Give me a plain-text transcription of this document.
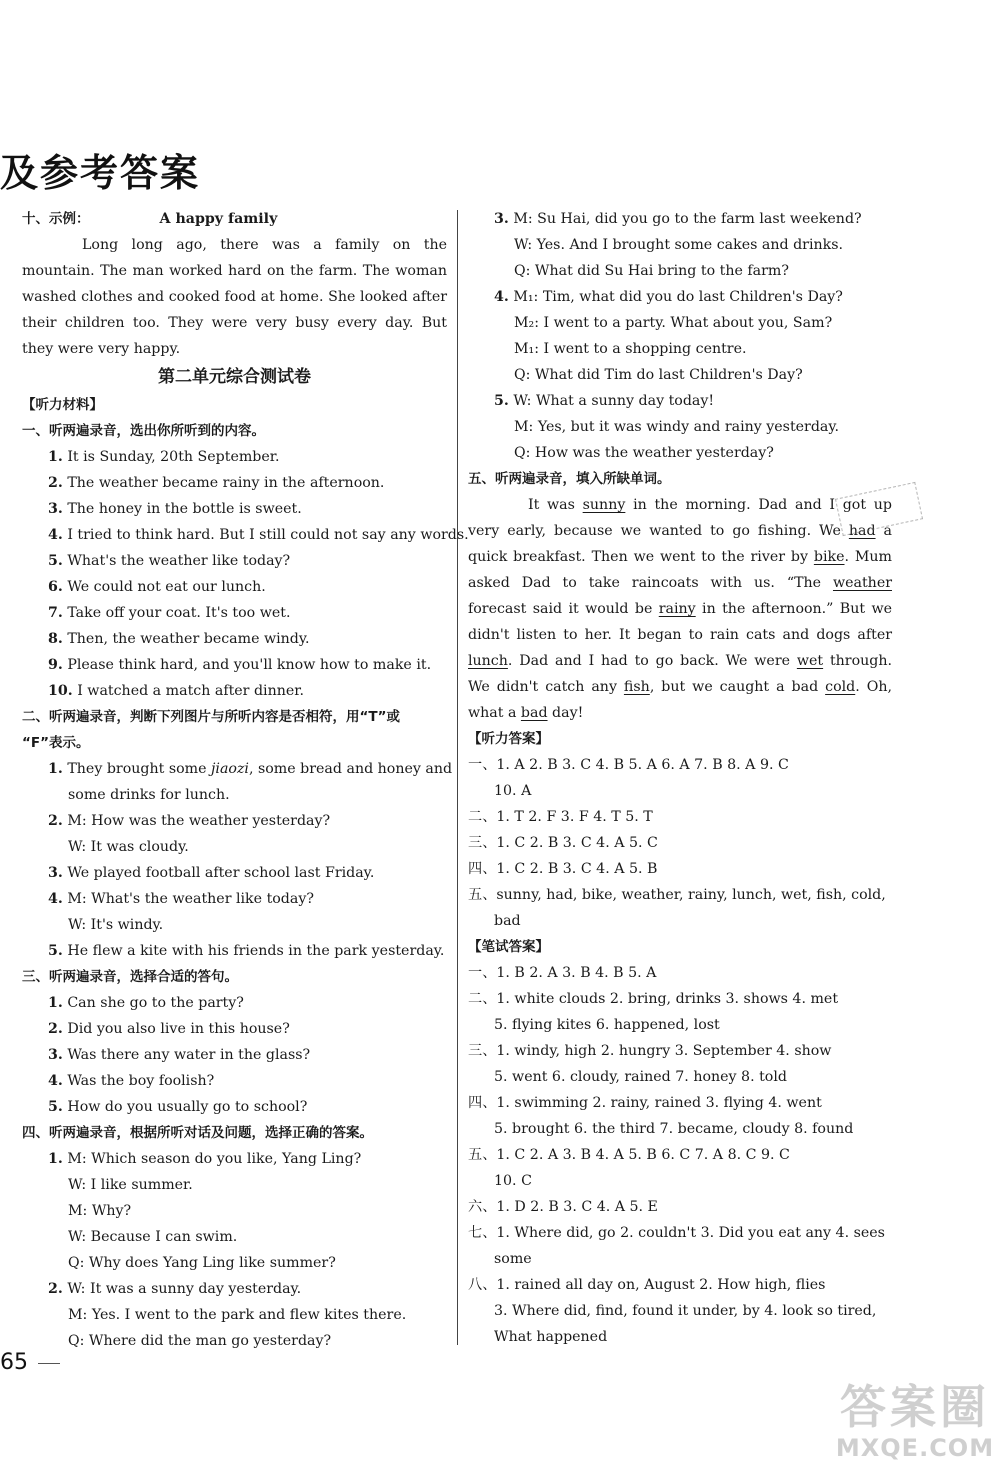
及参考答案
十、示例：	A happy family
Long long ago, there was a family on the mountain. The man worked hard on the farm. The woman washed clothes and cooked food at home. She looked after their children too. They were very busy every day. But they were very happy.
第二单元综合测试卷
【听力材料】
一、听两遍录音，选出你所听到的内容。
1. It is Sunday, 20th September.
2. The weather became rainy in the afternoon.
3. The honey in the bottle is sweet.
4. I tried to think hard. But I still could not say any words.
5. What's the weather like today?
6. We could not eat our lunch.
7. Take off your coat. It's too wet.
8. Then, the weather became windy.
9. Please think hard, and you'll know how to make it.
10. I watched a match after dinner.
二、听两遍录音，判断下列图片与所听内容是否相符，用“T”或
“F”表示。
1. They brought some jiaozi, some bread and honey and
some drinks for lunch.
2. M: How was the weather yesterday?
W: It was cloudy.
3. We played football after school last Friday.
4. M: What's the weather like today?
W: It's windy.
5. He flew a kite with his friends in the park yesterday.
三、听两遍录音，选择合适的答句。
1. Can she go to the party?
2. Did you also live in this house?
3. Was there any water in the glass?
4. Was the boy foolish?
5. How do you usually go to school?
四、听两遍录音，根据所听对话及问题，选择正确的答案。
1. M: Which season do you like, Yang Ling?
W: I like summer.
M: Why?
W: Because I can swim.
Q: Why does Yang Ling like summer?
2. W: It was a sunny day yesterday.
M: Yes. I went to the park and flew kites there.
Q: Where did the man go yesterday?
3. M: Su Hai, did you go to the farm last weekend?
W: Yes. And I brought some cakes and drinks.
Q: What did Su Hai bring to the farm?
4. M₁: Tim, what did you do last Children's Day?
M₂: I went to a party. What about you, Sam?
M₁: I went to a shopping centre.
Q: What did Tim do last Children's Day?
5. W: What a sunny day today!
M: Yes, but it was windy and rainy yesterday.
Q: How was the weather yesterday?
五、听两遍录音，填入所缺单词。
It was sunny in the morning. Dad and I got up very early, because we wanted to go fishing. We had a quick breakfast. Then we went to the river by bike. Mum asked Dad to take raincoats with us. “The weather forecast said it would be rainy in the afternoon.” But we didn't listen to her. It began to rain cats and dogs after lunch. Dad and I had to go back. We were wet through. We didn't catch any fish, but we caught a bad cold. Oh, what a bad day!
【听力答案】
一、1. A 2. B 3. C 4. B 5. A 6. A 7. B 8. A 9. C
10. A
二、1. T 2. F 3. F 4. T 5. T
三、1. C 2. B 3. C 4. A 5. C
四、1. C 2. B 3. C 4. A 5. B
五、sunny, had, bike, weather, rainy, lunch, wet, fish, cold,
bad
【笔试答案】
一、1. B 2. A 3. B 4. B 5. A
二、1. white clouds 2. bring, drinks 3. shows 4. met
5. flying kites 6. happened, lost
三、1. windy, high 2. hungry 3. September 4. show
5. went 6. cloudy, rained 7. honey 8. told
四、1. swimming 2. rainy, rained 3. flying 4. went
5. brought 6. the third 7. became, cloudy 8. found
五、1. C 2. A 3. B 4. A 5. B 6. C 7. A 8. C 9. C
10. C
六、1. D 2. B 3. C 4. A 5. E
七、1. Where did, go 2. couldn't 3. Did you eat any 4. sees
some
八、1. rained all day on, August 2. How high, flies
3. Where did, find, found it under, by 4. look so tired,
What happened
65
答案圈
MXQE.COM
